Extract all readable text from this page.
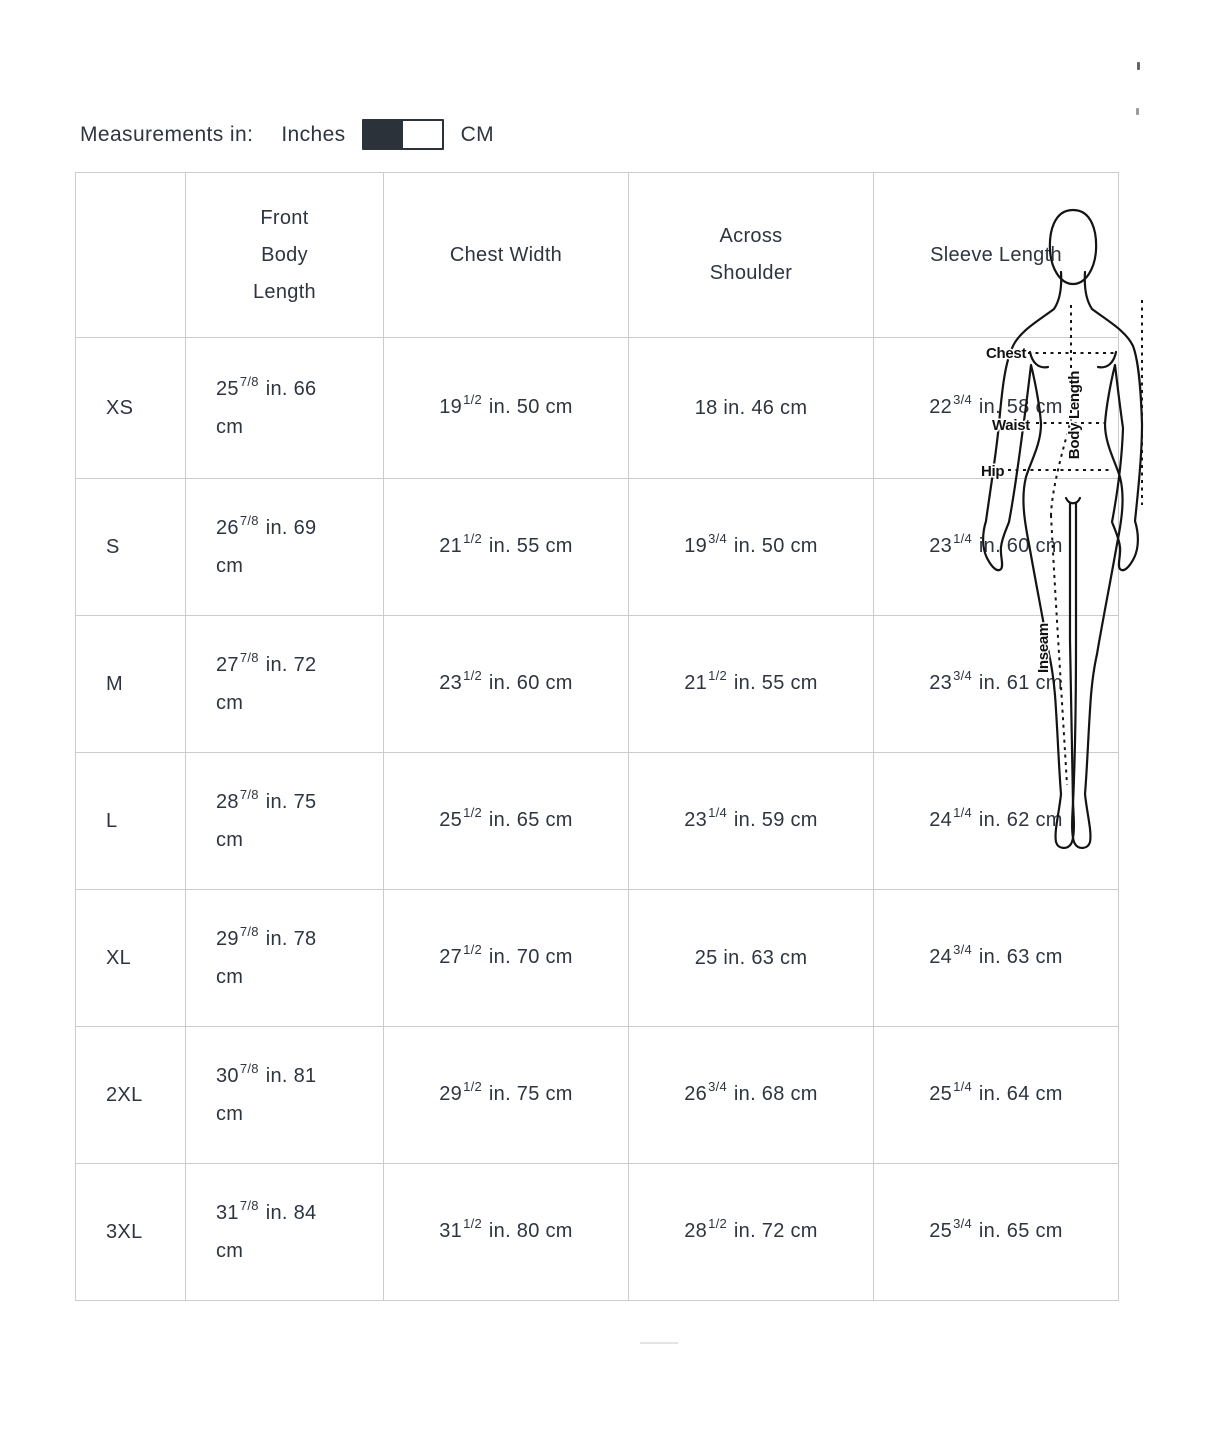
Measurements in: Inches	CM
	Front Body Length	Chest Width	Across Shoulder	Sleeve Length
XS	$25^{7/8}$ in. 66 cm	$19^{1/2}$ in. 50 cm	18 in. 46 cm	$22^{3/4}$ in. 58 cm
S	$26^{7/8}$ in. 69 cm	$21^{1/2}$ in. 55 cm	$19^{3/4}$ in. 50 cm	$23^{1/4}$ in. 60 cm
M	$27^{7/8}$ in. 72 cm	$23^{1/2}$ in. 60 cm	$21^{1/2}$ in. 55 cm	$23^{3/4}$ in. 61 cm
L	$28^{7/8}$ in. 75 cm	$25^{1/2}$ in. 65 cm	$23^{1/4}$ in. 59 cm	$24^{1/4}$ in. 62 cm
XL	$29^{7/8}$ in. 78 cm	$27^{1/2}$ in. 70 cm	25 in. 63 cm	$24^{3/4}$ in. 63 cm
2XL	$30^{7/8}$ in. 81 cm	$29^{1/2}$ in. 75 cm	$26^{3/4}$ in. 68 cm	$25^{1/4}$ in. 64 cm
3XL	$31^{7/8}$ in. 84 cm	$31^{1/2}$ in. 80 cm	$28^{1/2}$ in. 72 cm	$25^{3/4}$ in. 65 cm
Chest
Waist
Hip
Body Length
Inseam
